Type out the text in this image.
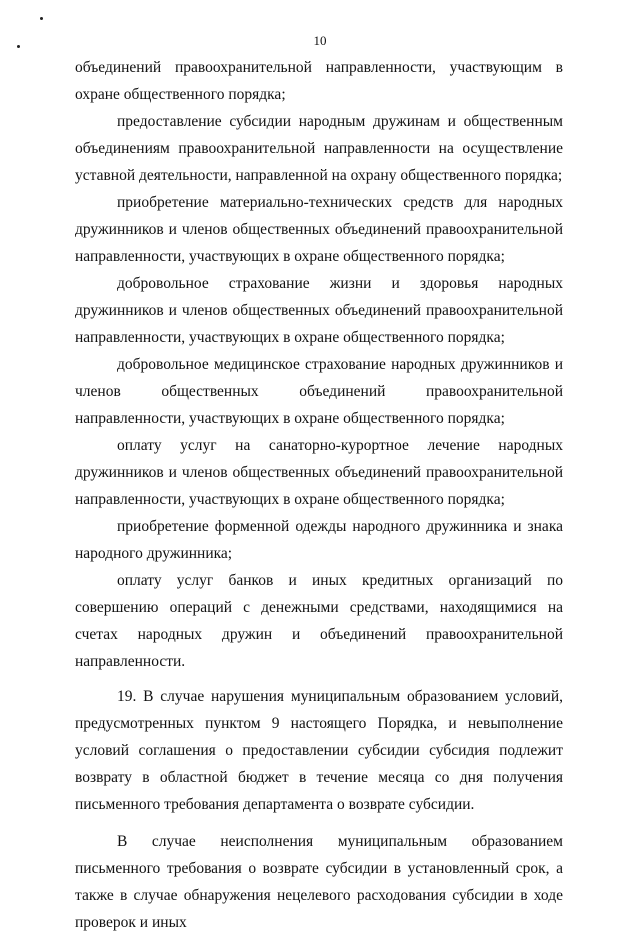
10

объединений правоохранительной направленности, участвующим в охране общественного порядка;

предоставление субсидии народным дружинам и общественным объединениям правоохранительной направленности на осуществление уставной деятельности, направленной на охрану общественного порядка;

приобретение материально-технических средств для народных дружинников и членов общественных объединений правоохранительной направленности, участвующих в охране общественного порядка;

добровольное страхование жизни и здоровья народных дружинников и членов общественных объединений правоохранительной направленности, участвующих в охране общественного порядка;

добровольное медицинское страхование народных дружинников и членов общественных объединений правоохранительной направленности, участвующих в охране общественного порядка;

оплату услуг на санаторно-курортное лечение народных дружинников и членов общественных объединений правоохранительной направленности, участвующих в охране общественного порядка;

приобретение форменной одежды народного дружинника и знака народного дружинника;

оплату услуг банков и иных кредитных организаций по совершению операций с денежными средствами, находящимися на счетах народных дружин и объединений правоохранительной направленности.

19. В случае нарушения муниципальным образованием условий, предусмотренных пунктом 9 настоящего Порядка, и невыполнение условий соглашения о предоставлении субсидии субсидия подлежит возврату в областной бюджет в течение месяца со дня получения письменного требования департамента о возврате субсидии.

В случае неисполнения муниципальным образованием письменного требования о возврате субсидии в установленный срок, а также в случае обнаружения нецелевого расходования субсидии в ходе проверок и иных
